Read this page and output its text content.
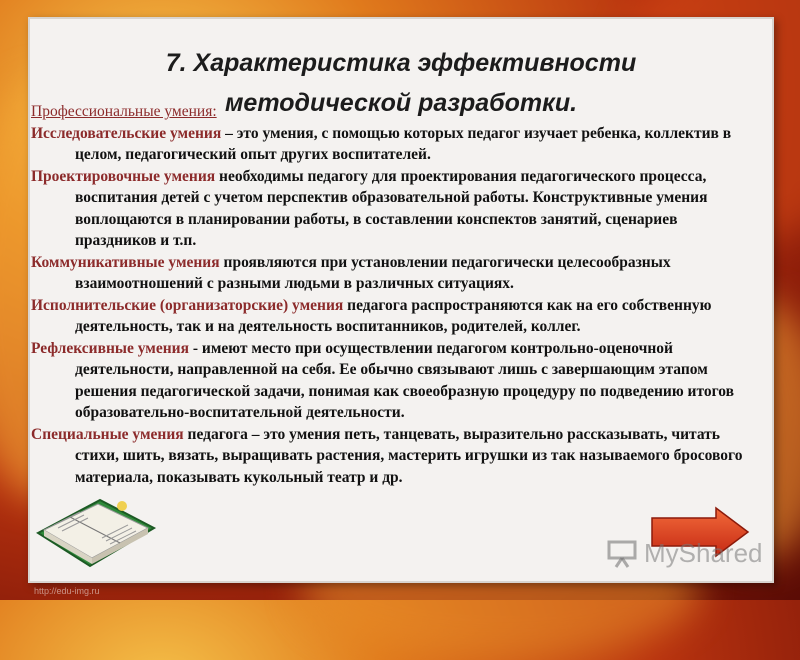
7. Характеристика эффективности
методической разработки.

Профессиональные умения:

Исследовательские умения – это умения, с помощью которых педагог изучает ребенка, коллектив в целом, педагогический опыт других воспитателей.

Проектировочные умения необходимы педагогу для проектирования педагогического процесса, воспитания детей с учетом перспектив образовательной работы. Конструктивные умения воплощаются в планировании работы, в составлении конспектов занятий, сценариев праздников и т.п.

Коммуникативные умения проявляются при установлении педагогически целесообразных взаимоотношений с разными людьми в различных ситуациях.

Исполнительские (организаторские) умения педагога распространяются как на его собственную деятельность, так и на деятельность воспитанников, родителей, коллег.

Рефлексивные умения - имеют место при осуществлении педагогом контрольно-оценочной деятельности, направленной на себя. Ее обычно связывают лишь с завершающим этапом решения педагогической задачи, понимая как своеобразную процедуру по подведению итогов образовательно-воспитательной деятельности.

Специальные умения педагога – это умения петь, танцевать, выразительно рассказывать, читать стихи, шить, вязать, выращивать растения, мастерить игрушки из так называемого бросового материала, показывать кукольный театр и др.

MyShared
http://edu-img.ru
